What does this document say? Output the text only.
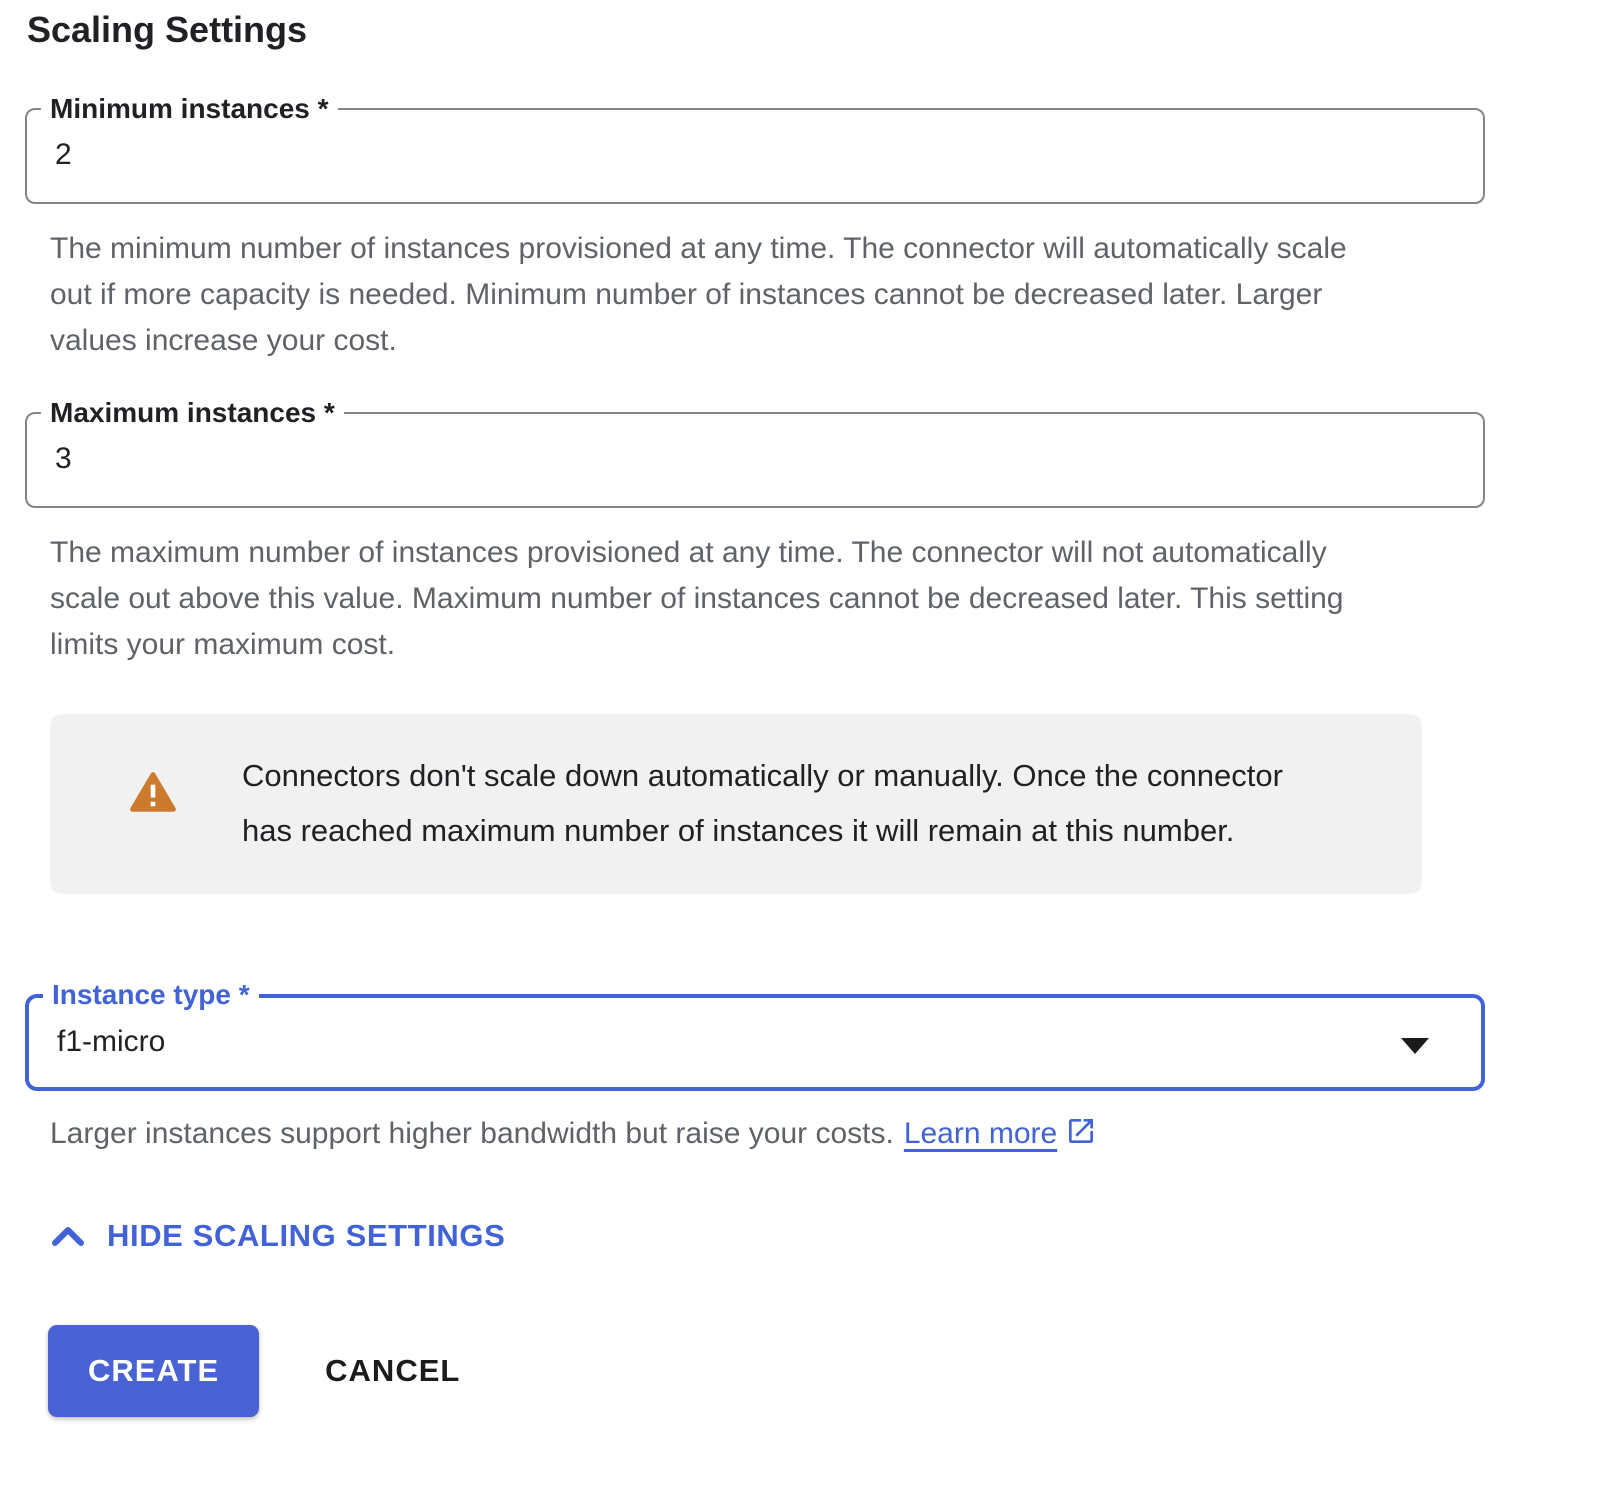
Scaling Settings
Minimum instances *
2

The minimum number of instances provisioned at any time. The connector will automatically scale out if more capacity is needed. Minimum number of instances cannot be decreased later. Larger values increase your cost.

Maximum instances *
3

The maximum number of instances provisioned at any time. The connector will not automatically scale out above this value. Maximum number of instances cannot be decreased later. This setting limits your maximum cost.

Connectors don't scale down automatically or manually. Once the connector has reached maximum number of instances it will remain at this number.

Instance type *
f1-micro

Larger instances support higher bandwidth but raise your costs. Learn more

HIDE SCALING SETTINGS
CREATE	CANCEL
